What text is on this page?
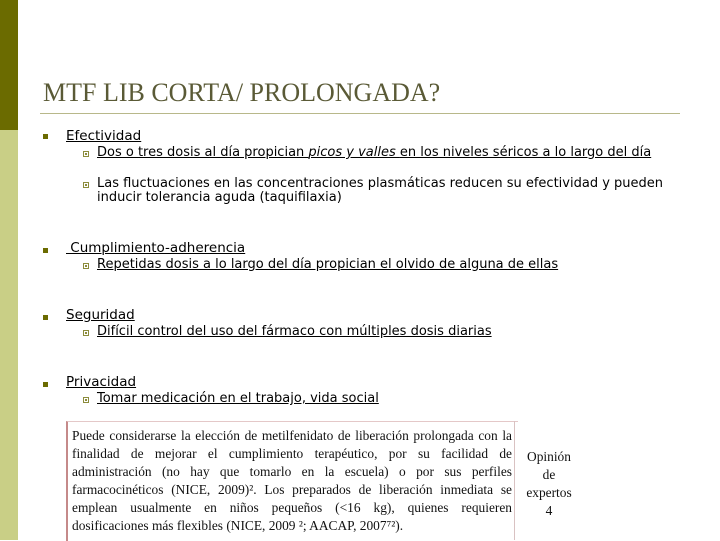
MTF LIB CORTA/ PROLONGADA?
Efectividad
Dos o tres dosis al día propician picos y valles en los niveles séricos a lo largo del día
Las fluctuaciones en las concentraciones plasmáticas reducen su efectividad y pueden inducir tolerancia aguda (taquifilaxia)
Cumplimiento-adherencia
Repetidas dosis a lo largo del día propician el olvido de alguna de ellas
Seguridad
Difícil control del uso del fármaco con múltiples dosis diarias
Privacidad
Tomar medicación en el trabajo, vida social
Puede considerarse la elección de metilfenidato de liberación prolongada con la finalidad de mejorar el cumplimiento terapéutico, por su facilidad de administración (no hay que tomarlo en la escuela) o por sus perfiles farmacocinéticos (NICE, 2009)². Los preparados de liberación inmediata se emplean usualmente en niños pequeños (<16 kg), quienes requieren dosificaciones más flexibles (NICE, 2009 ²; AACAP, 2007⁷²).
Opinión
de
expertos
4
